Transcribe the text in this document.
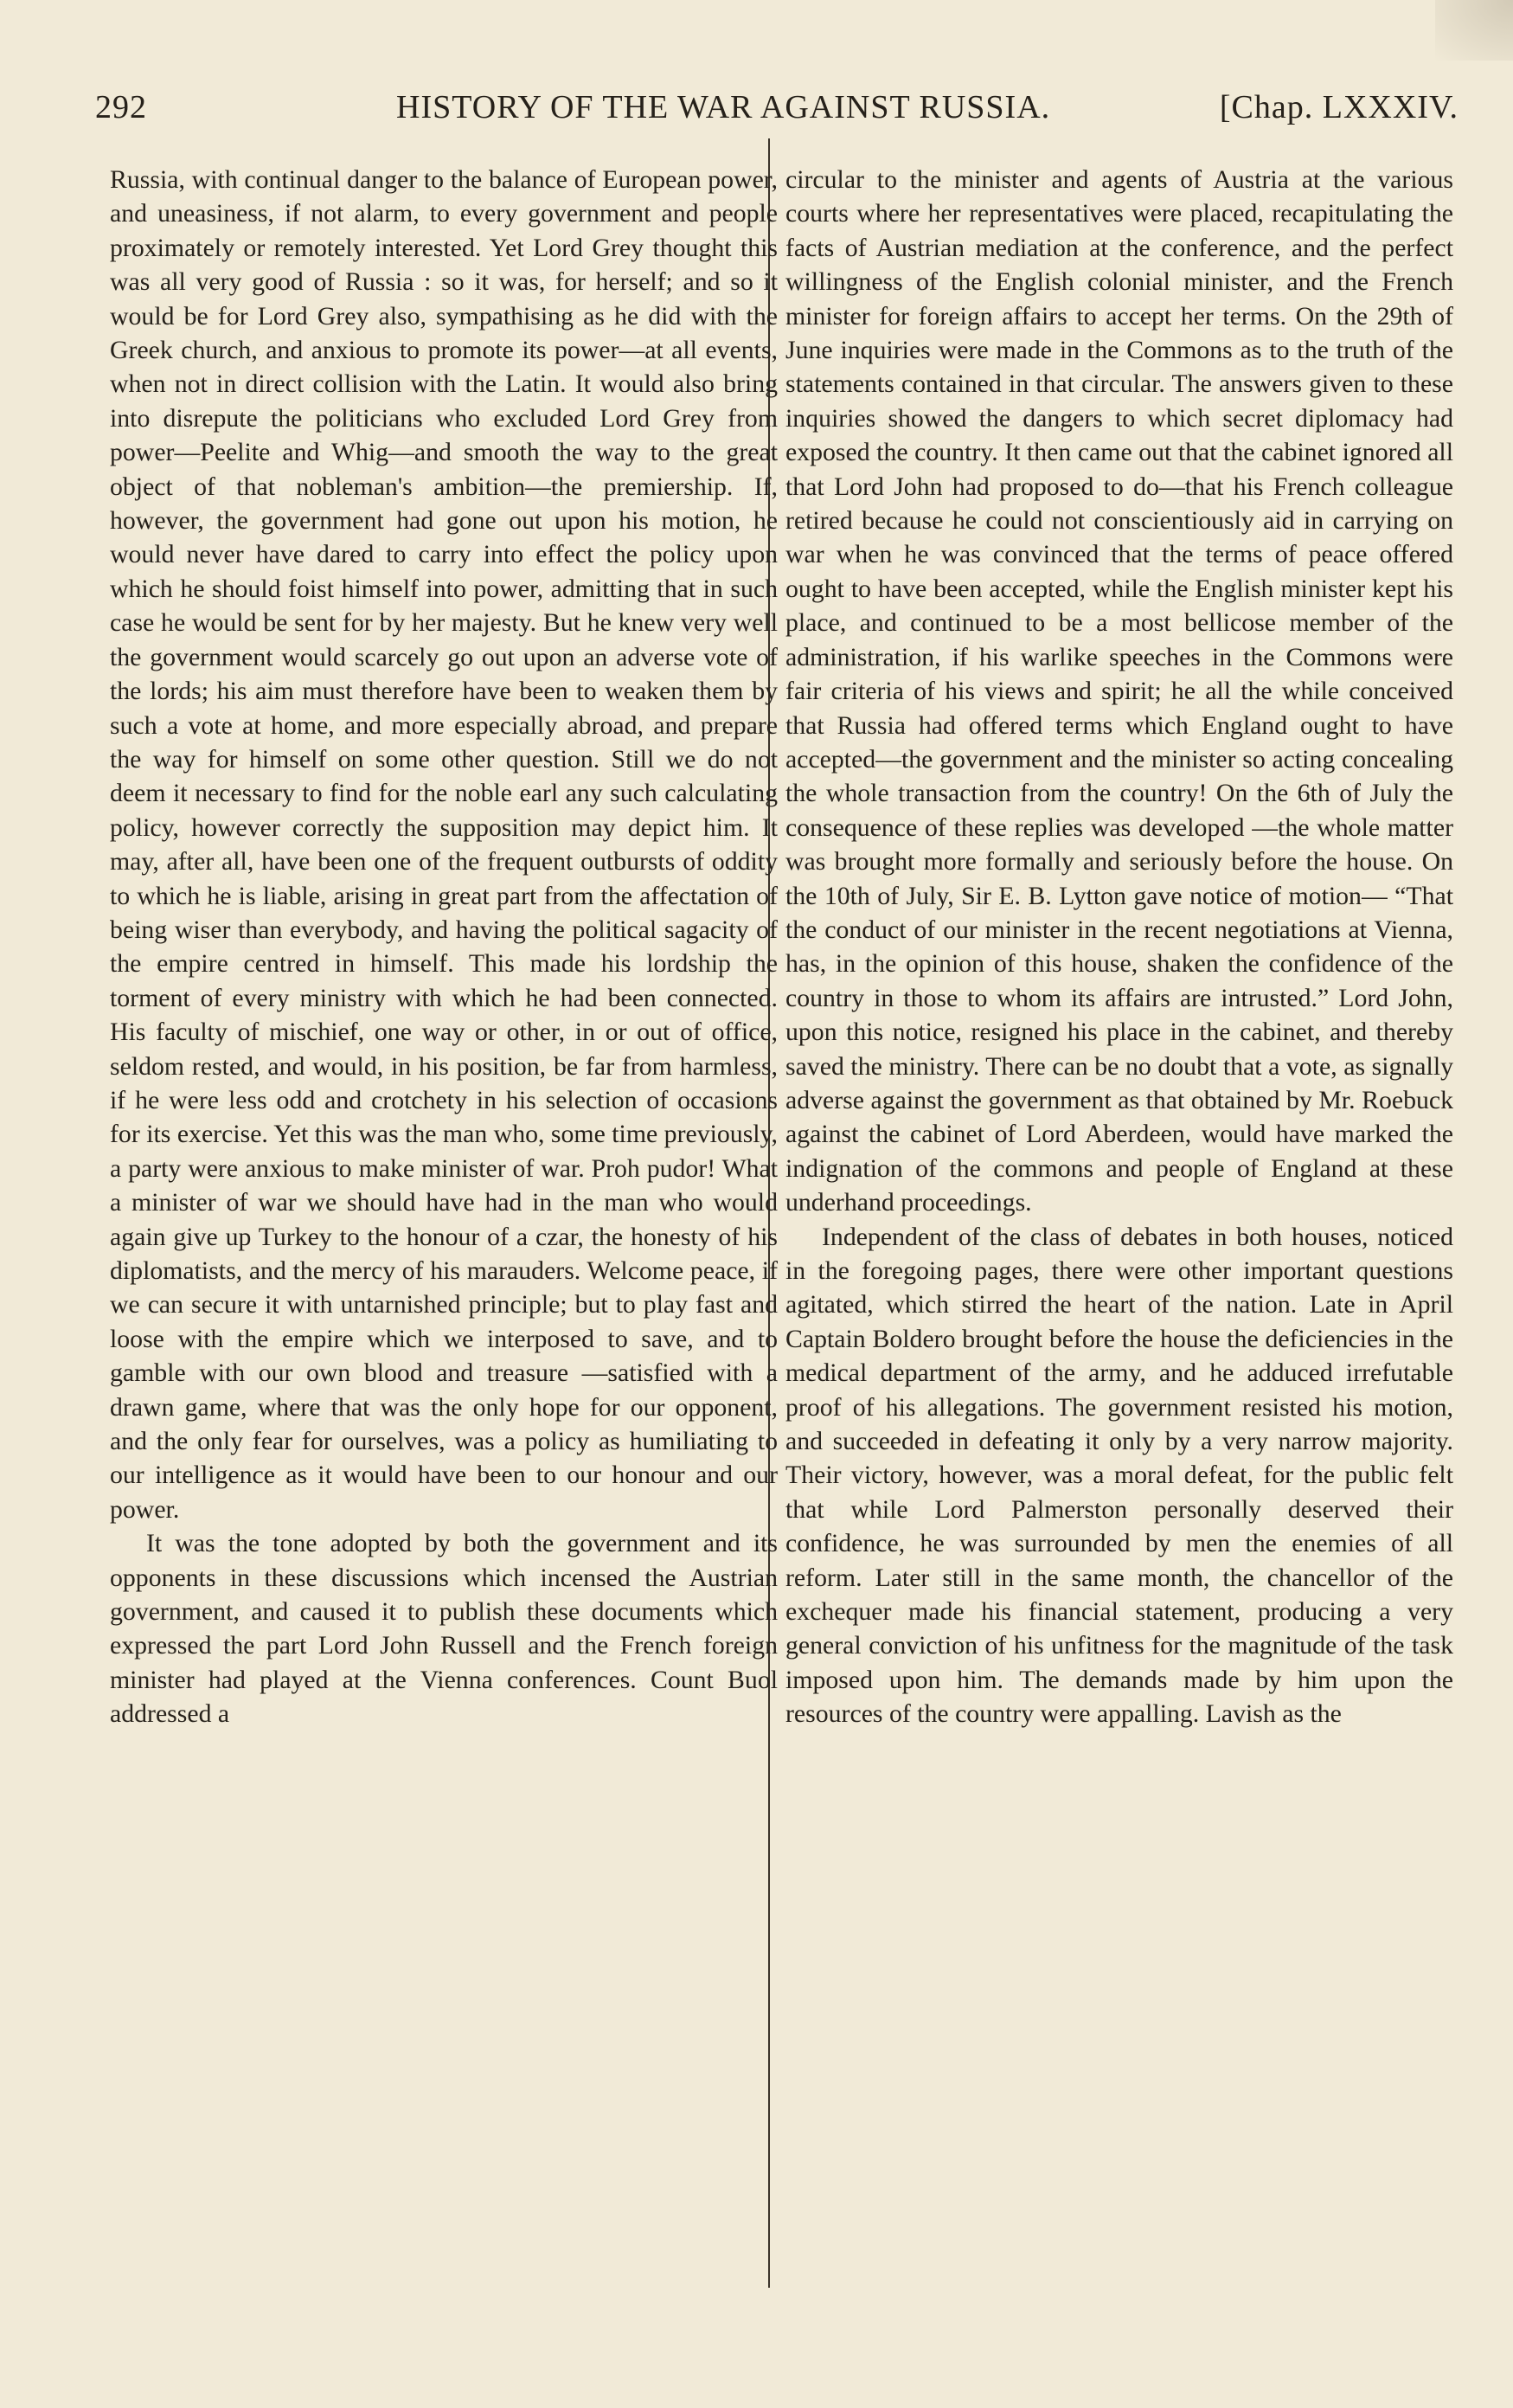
292	HISTORY OF THE WAR AGAINST RUSSIA.	[Chap. LXXXIV.

Russia, with continual danger to the balance of European power, and uneasiness, if not alarm, to every government and people proximately or remotely interested. Yet Lord Grey thought this was all very good of Russia : so it was, for herself; and so it would be for Lord Grey also, sympathising as he did with the Greek church, and anxious to promote its power—at all events, when not in direct collision with the Latin. It would also bring into disrepute the politicians who excluded Lord Grey from power—Peelite and Whig—and smooth the way to the great object of that nobleman's ambition—the premiership. If, however, the government had gone out upon his motion, he would never have dared to carry into effect the policy upon which he should foist himself into power, admitting that in such case he would be sent for by her majesty. But he knew very well the government would scarcely go out upon an adverse vote of the lords; his aim must therefore have been to weaken them by such a vote at home, and more especially abroad, and prepare the way for himself on some other question. Still we do not deem it necessary to find for the noble earl any such calculating policy, however correctly the supposition may depict him. It may, after all, have been one of the frequent outbursts of oddity to which he is liable, arising in great part from the affectation of being wiser than everybody, and having the political sagacity of the empire centred in himself. This made his lordship the torment of every ministry with which he had been connected. His faculty of mischief, one way or other, in or out of office, seldom rested, and would, in his position, be far from harmless, if he were less odd and crotchety in his selection of occasions for its exercise. Yet this was the man who, some time previously, a party were anxious to make minister of war. Proh pudor! What a minister of war we should have had in the man who would again give up Turkey to the honour of a czar, the honesty of his diplomatists, and the mercy of his marauders. Welcome peace, if we can secure it with untarnished principle; but to play fast and loose with the empire which we interposed to save, and to gamble with our own blood and treasure —satisfied with a drawn game, where that was the only hope for our opponent, and the only fear for ourselves, was a policy as humiliating to our intelligence as it would have been to our honour and our power.

It was the tone adopted by both the government and its opponents in these discussions which incensed the Austrian government, and caused it to publish these documents which expressed the part Lord John Russell and the French foreign minister had played at the Vienna conferences. Count Buol addressed a

circular to the minister and agents of Austria at the various courts where her representatives were placed, recapitulating the facts of Austrian mediation at the conference, and the perfect willingness of the English colonial minister, and the French minister for foreign affairs to accept her terms. On the 29th of June inquiries were made in the Commons as to the truth of the statements contained in that circular. The answers given to these inquiries showed the dangers to which secret diplomacy had exposed the country. It then came out that the cabinet ignored all that Lord John had proposed to do—that his French colleague retired because he could not conscientiously aid in carrying on war when he was convinced that the terms of peace offered ought to have been accepted, while the English minister kept his place, and continued to be a most bellicose member of the administration, if his warlike speeches in the Commons were fair criteria of his views and spirit; he all the while conceived that Russia had offered terms which England ought to have accepted—the government and the minister so acting concealing the whole transaction from the country! On the 6th of July the consequence of these replies was developed —the whole matter was brought more formally and seriously before the house. On the 10th of July, Sir E. B. Lytton gave notice of motion— “That the conduct of our minister in the recent negotiations at Vienna, has, in the opinion of this house, shaken the confidence of the country in those to whom its affairs are intrusted.” Lord John, upon this notice, resigned his place in the cabinet, and thereby saved the ministry. There can be no doubt that a vote, as signally adverse against the government as that obtained by Mr. Roebuck against the cabinet of Lord Aberdeen, would have marked the indignation of the commons and people of England at these underhand proceedings.

Independent of the class of debates in both houses, noticed in the foregoing pages, there were other important questions agitated, which stirred the heart of the nation. Late in April Captain Boldero brought before the house the deficiencies in the medical department of the army, and he adduced irrefutable proof of his allegations. The government resisted his motion, and succeeded in defeating it only by a very narrow majority. Their victory, however, was a moral defeat, for the public felt that while Lord Palmerston personally deserved their confidence, he was surrounded by men the enemies of all reform. Later still in the same month, the chancellor of the exchequer made his financial statement, producing a very general conviction of his unfitness for the magnitude of the task imposed upon him. The demands made by him upon the resources of the country were appalling. Lavish as the
